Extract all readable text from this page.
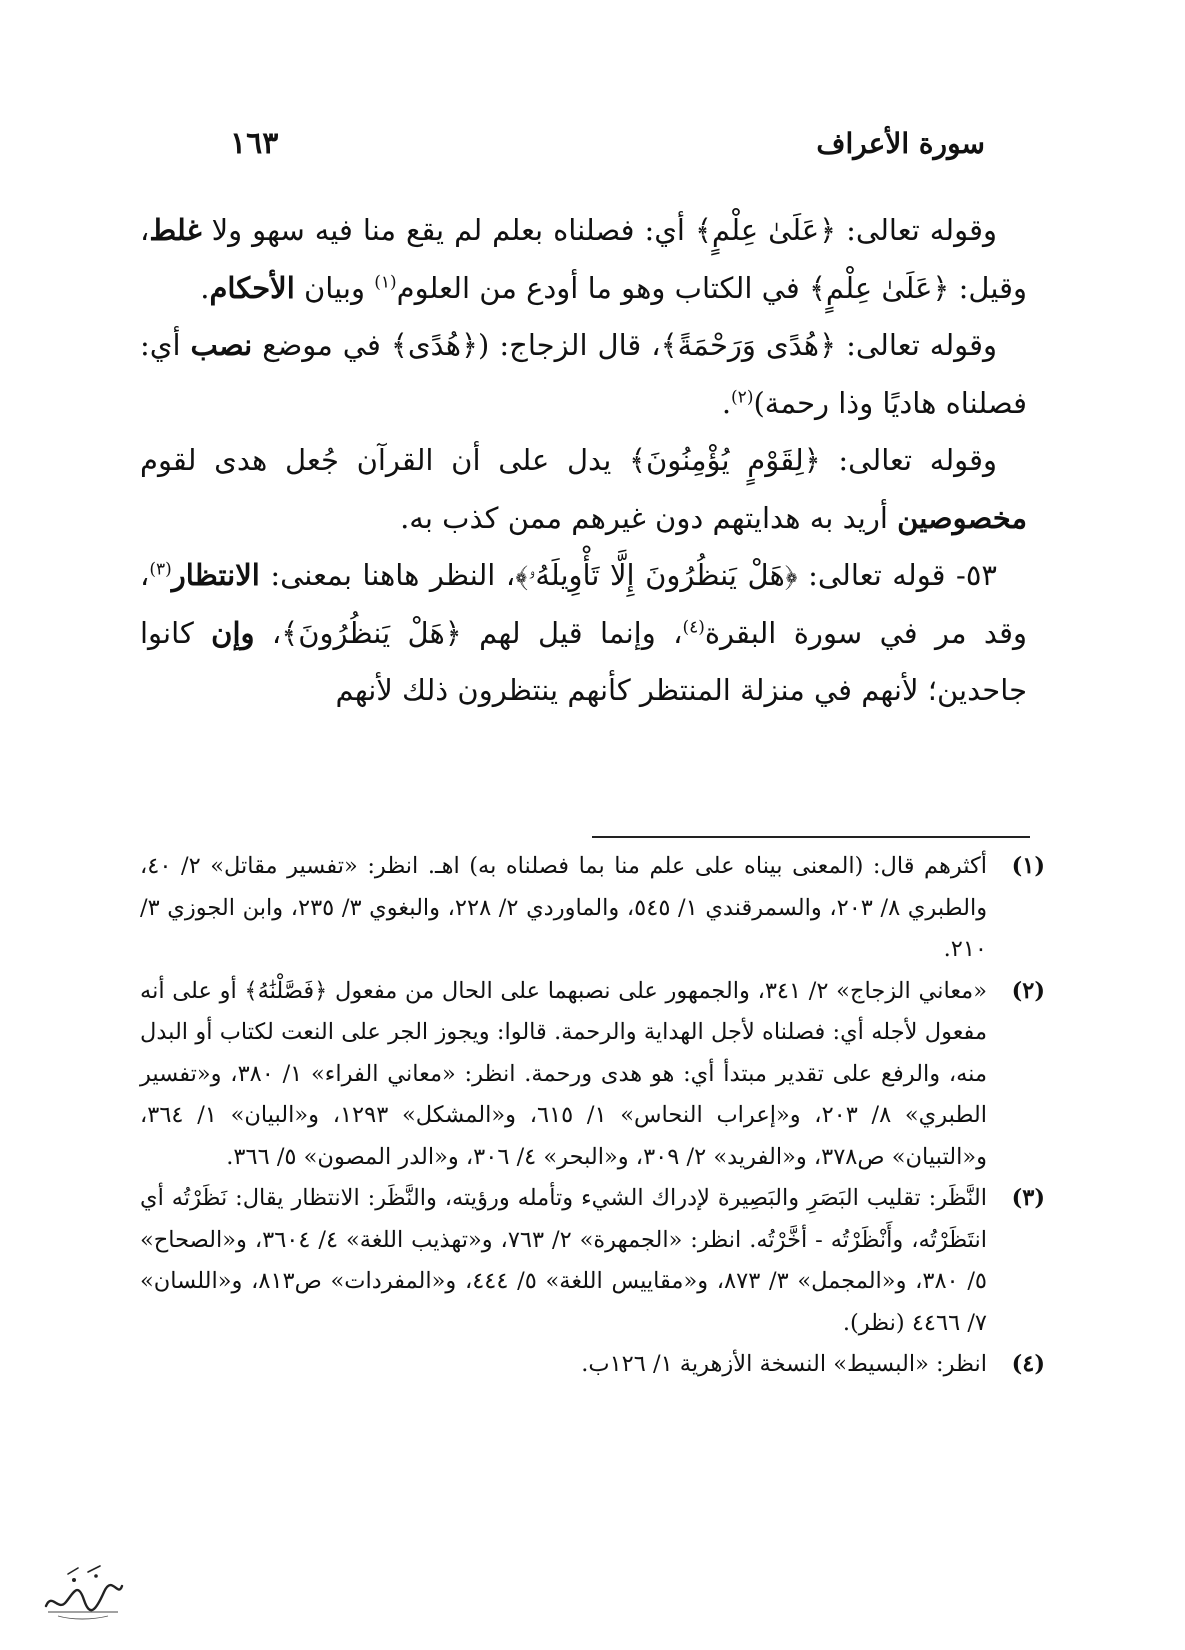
سورة الأعراف
١٦٣

وقوله تعالى: ﴿عَلَىٰ عِلْمٍ﴾ أي: فصلناه بعلم لم يقع منا فيه سهو ولا غلط، وقيل: ﴿عَلَىٰ عِلْمٍ﴾ في الكتاب وهو ما أودع من العلوم$^{(١)}$ وبيان الأحكام.

وقوله تعالى: ﴿هُدًى وَرَحْمَةً﴾، قال الزجاج: (﴿هُدًى﴾ في موضع نصب أي: فصلناه هاديًا وذا رحمة)$^{(٢)}$.

وقوله تعالى: ﴿لِقَوْمٍ يُؤْمِنُونَ﴾ يدل على أن القرآن جُعل هدى لقوم مخصوصين أريد به هدايتهم دون غيرهم ممن كذب به.

٥٣- قوله تعالى: ﴿هَلْ يَنظُرُونَ إِلَّا تَأْوِيلَهُۥ﴾، النظر هاهنا بمعنى: الانتظار$^{(٣)}$، وقد مر في سورة البقرة$^{(٤)}$، وإنما قيل لهم ﴿هَلْ يَنظُرُونَ﴾، وإن كانوا جاحدين؛ لأنهم في منزلة المنتظر كأنهم ينتظرون ذلك لأنهم

(١)
أكثرهم قال: (المعنى بيناه على علم منا بما فصلناه به) اهـ. انظر: «تفسير مقاتل» ٢/ ٤٠، والطبري ٨/ ٢٠٣، والسمرقندي ١/ ٥٤٥، والماوردي ٢/ ٢٢٨، والبغوي ٣/ ٢٣٥، وابن الجوزي ٣/ ٢١٠.
(٢)
«معاني الزجاج» ٢/ ٣٤١، والجمهور على نصبهما على الحال من مفعول ﴿فَصَّلْنَٰهُ﴾ أو على أنه مفعول لأجله أي: فصلناه لأجل الهداية والرحمة. قالوا: ويجوز الجر على النعت لكتاب أو البدل منه، والرفع على تقدير مبتدأ أي: هو هدى ورحمة. انظر: «معاني الفراء» ١/ ٣٨٠، و«تفسير الطبري» ٨/ ٢٠٣، و«إعراب النحاس» ١/ ٦١٥، و«المشكل» ١٢٩٣، و«البيان» ١/ ٣٦٤، و«التبيان» ص٣٧٨، و«الفريد» ٢/ ٣٠٩، و«البحر» ٤/ ٣٠٦، و«الدر المصون» ٥/ ٣٦٦.
(٣)
النَّظَر: تقليب البَصَرِ والبَصِيرة لإدراك الشيء وتأمله ورؤيته، والنَّظَر: الانتظار يقال: نَظَرْتُه أي انتَظَرْتُه، وأَنْظَرْتُه - أخَّرْتُه. انظر: «الجمهرة» ٢/ ٧٦٣، و«تهذيب اللغة» ٤/ ٣٦٠٤، و«الصحاح» ٥/ ٣٨٠، و«المجمل» ٣/ ٨٧٣، و«مقاييس اللغة» ٥/ ٤٤٤، و«المفردات» ص٨١٣، و«اللسان» ٧/ ٤٤٦٦ (نظر).
(٤)
انظر: «البسيط» النسخة الأزهرية ١/ ١٢٦ب.
